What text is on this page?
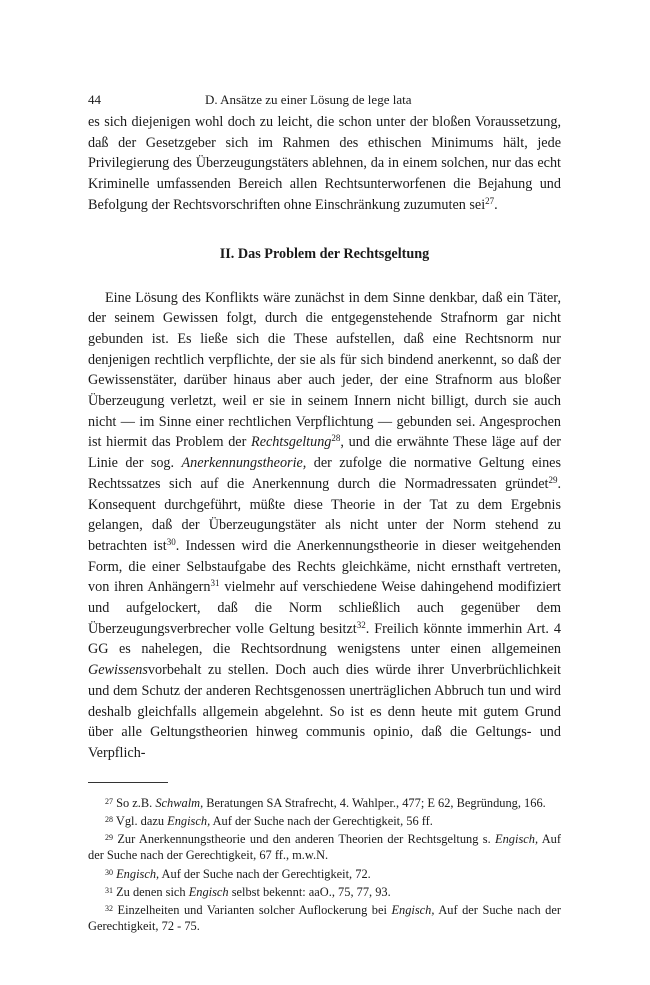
44	D. Ansätze zu einer Lösung de lege lata

es sich diejenigen wohl doch zu leicht, die schon unter der bloßen Voraussetzung, daß der Gesetzgeber sich im Rahmen des ethischen Minimums hält, jede Privilegierung des Überzeugungstäters ablehnen, da in einem solchen, nur das echt Kriminelle umfassenden Bereich allen Rechtsunterworfenen die Bejahung und Befolgung der Rechtsvorschriften ohne Einschränkung zuzumuten sei$^{27}$.

II. Das Problem der Rechtsgeltung

Eine Lösung des Konflikts wäre zunächst in dem Sinne denkbar, daß ein Täter, der seinem Gewissen folgt, durch die entgegenstehende Strafnorm gar nicht gebunden ist. Es ließe sich die These aufstellen, daß eine Rechtsnorm nur denjenigen rechtlich verpflichte, der sie als für sich bindend anerkennt, so daß der Gewissenstäter, darüber hinaus aber auch jeder, der eine Strafnorm aus bloßer Überzeugung verletzt, weil er sie in seinem Innern nicht billigt, durch sie auch nicht — im Sinne einer rechtlichen Verpflichtung — gebunden sei. Angesprochen ist hiermit das Problem der Rechtsgeltung$^{28}$, und die erwähnte These läge auf der Linie der sog. Anerkennungstheorie, der zufolge die normative Geltung eines Rechtssatzes sich auf die Anerkennung durch die Normadressaten gründet$^{29}$. Konsequent durchgeführt, müßte diese Theorie in der Tat zu dem Ergebnis gelangen, daß der Überzeugungstäter als nicht unter der Norm stehend zu betrachten ist$^{30}$. Indessen wird die Anerkennungstheorie in dieser weitgehenden Form, die einer Selbstaufgabe des Rechts gleichkäme, nicht ernsthaft vertreten, von ihren Anhängern$^{31}$ vielmehr auf verschiedene Weise dahingehend modifiziert und aufgelockert, daß die Norm schließlich auch gegenüber dem Überzeugungsverbrecher volle Geltung besitzt$^{32}$. Freilich könnte immerhin Art. 4 GG es nahelegen, die Rechtsordnung wenigstens unter einen allgemeinen Gewissensvorbehalt zu stellen. Doch auch dies würde ihrer Unverbrüchlichkeit und dem Schutz der anderen Rechtsgenossen unerträglichen Abbruch tun und wird deshalb gleichfalls allgemein abgelehnt. So ist es denn heute mit gutem Grund über alle Geltungstheorien hinweg communis opinio, daß die Geltungs- und Verpflich-

$^{27}$ So z.B. Schwalm, Beratungen SA Strafrecht, 4. Wahlper., 477; E 62, Begründung, 166.

$^{28}$ Vgl. dazu Engisch, Auf der Suche nach der Gerechtigkeit, 56 ff.

$^{29}$ Zur Anerkennungstheorie und den anderen Theorien der Rechtsgeltung s. Engisch, Auf der Suche nach der Gerechtigkeit, 67 ff., m.w.N.

$^{30}$ Engisch, Auf der Suche nach der Gerechtigkeit, 72.

$^{31}$ Zu denen sich Engisch selbst bekennt: aaO., 75, 77, 93.

$^{32}$ Einzelheiten und Varianten solcher Auflockerung bei Engisch, Auf der Suche nach der Gerechtigkeit, 72 - 75.
